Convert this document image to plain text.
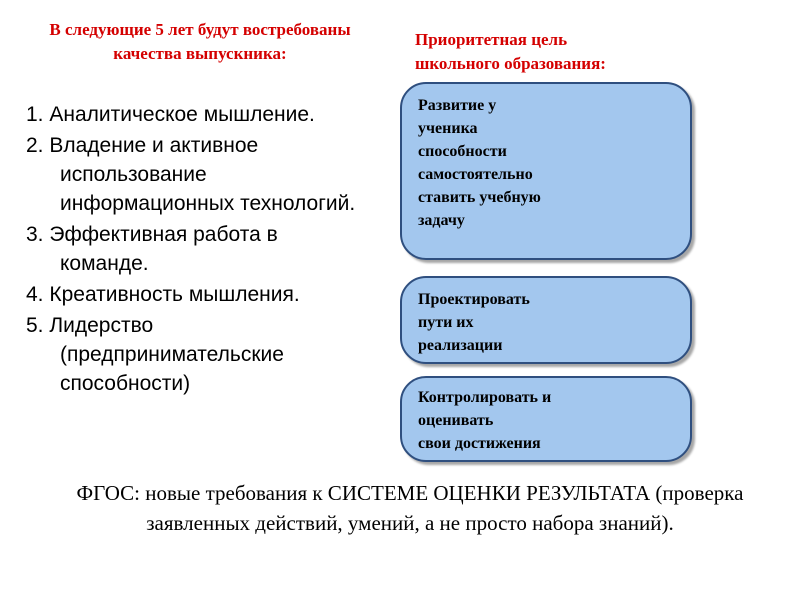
В следующие 5 лет будут востребованы качества выпускника:
1. Аналитическое мышление.
2. Владение и активное использование информационных технологий.
3. Эффективная работа в команде.
4. Креативность мышления.
5. Лидерство (предпринимательские способности)
Приоритетная цель
школьного образования:
Развитие у
ученика
способности
самостоятельно
ставить учебную
задачу
Проектировать
пути их
реализации
Контролировать и
оценивать
свои достижения
ФГОС: новые требования к СИСТЕМЕ ОЦЕНКИ РЕЗУЛЬТАТА (проверка заявленных действий, умений, а не просто набора знаний).
